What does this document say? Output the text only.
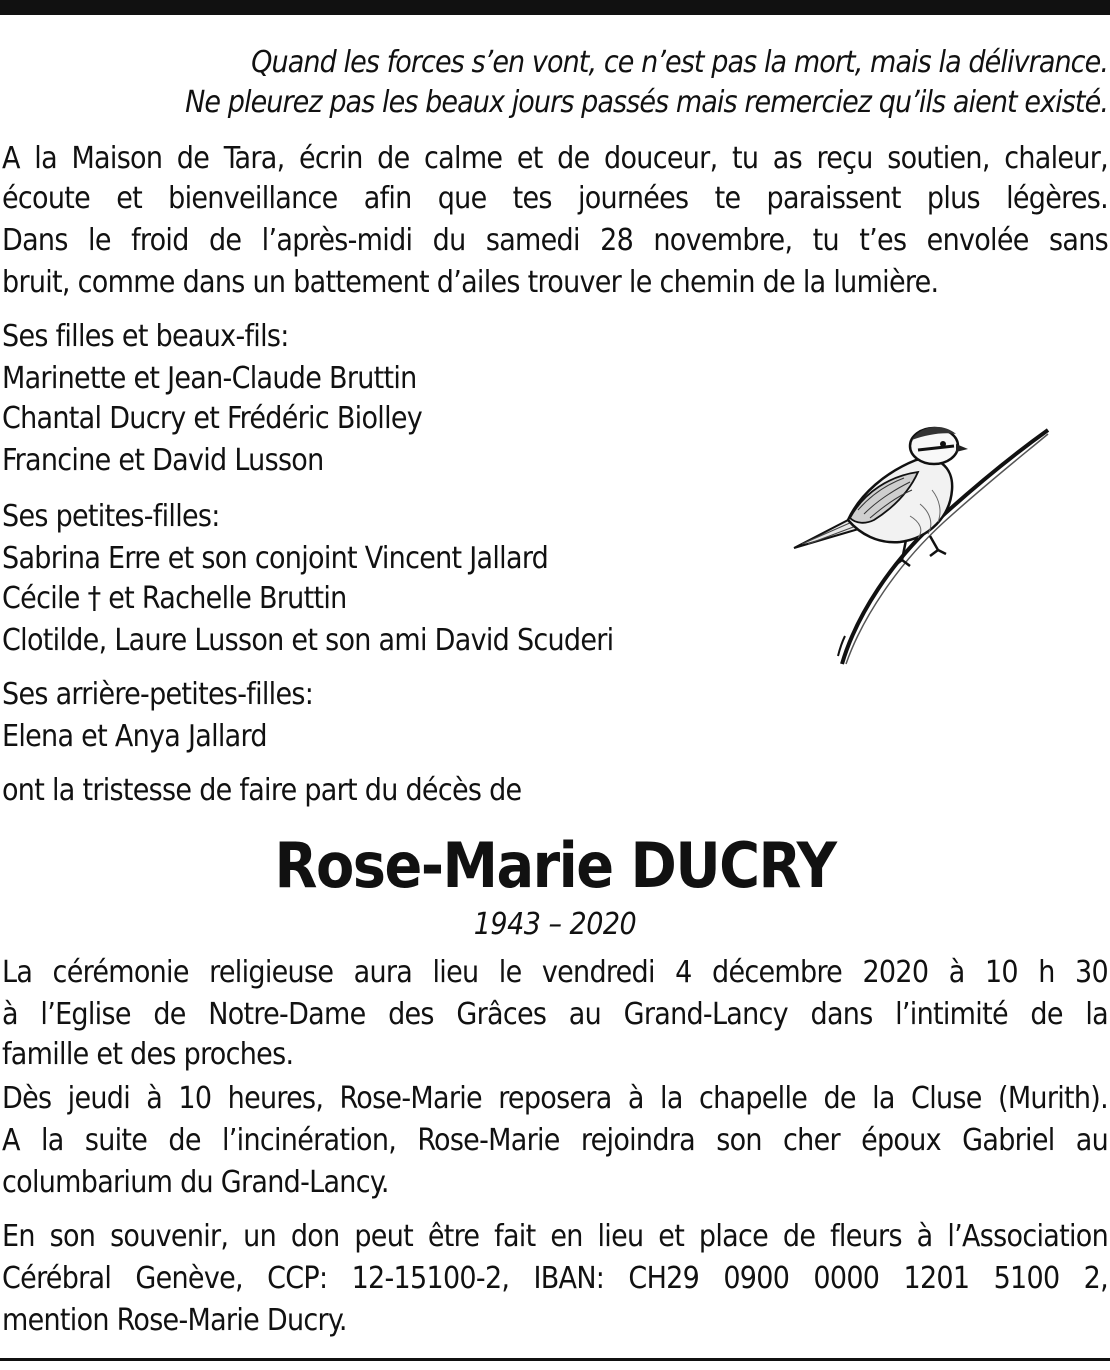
Quand les forces s’en vont, ce n’est pas la mort, mais la délivrance.
Ne pleurez pas les beaux jours passés mais remerciez qu’ils aient existé.
A la Maison de Tara, écrin de calme et de douceur, tu as reçu soutien, chaleur,
écoute et bienveillance afin que tes journées te paraissent plus légères.
Dans le froid de l’après-midi du samedi 28 novembre, tu t’es envolée sans
bruit, comme dans un battement d’ailes trouver le chemin de la lumière.
Ses filles et beaux-fils:
Marinette et Jean-Claude Bruttin
Chantal Ducry et Frédéric Biolley
Francine et David Lusson
Ses petites-filles:
Sabrina Erre et son conjoint Vincent Jallard
Cécile † et Rachelle Bruttin
Clotilde, Laure Lusson et son ami David Scuderi
Ses arrière-petites-filles:
Elena et Anya Jallard
ont la tristesse de faire part du décès de
Rose-Marie DUCRY
1943 – 2020
La cérémonie religieuse aura lieu le vendredi 4 décembre 2020 à 10 h 30
à l’Eglise de Notre-Dame des Grâces au Grand-Lancy dans l’intimité de la
famille et des proches.
Dès jeudi à 10 heures, Rose-Marie reposera à la chapelle de la Cluse (Murith).
A la suite de l’incinération, Rose-Marie rejoindra son cher époux Gabriel au
columbarium du Grand-Lancy.
En son souvenir, un don peut être fait en lieu et place de fleurs à l’Association
Cérébral Genève, CCP: 12-15100-2, IBAN: CH29 0900 0000 1201 5100 2,
mention Rose-Marie Ducry.
